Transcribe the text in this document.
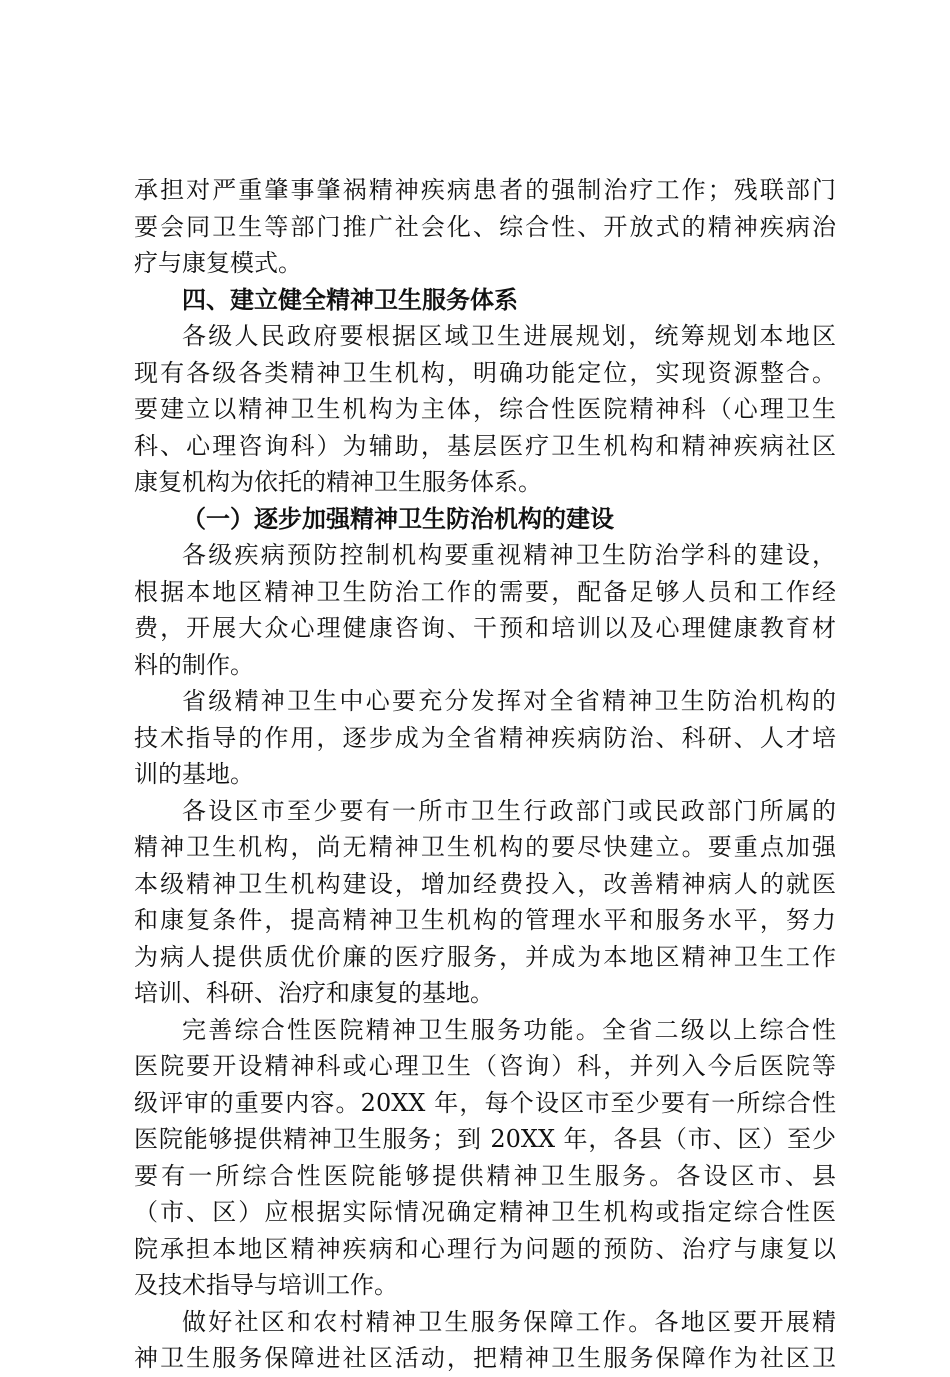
承担对严重肇事肇祸精神疾病患者的强制治疗工作；残联部门
要会同卫生等部门推广社会化、综合性、开放式的精神疾病治
疗与康复模式。
四、建立健全精神卫生服务体系
各级人民政府要根据区域卫生进展规划，统筹规划本地区
现有各级各类精神卫生机构，明确功能定位，实现资源整合。
要建立以精神卫生机构为主体，综合性医院精神科（心理卫生
科、心理咨询科）为辅助，基层医疗卫生机构和精神疾病社区
康复机构为依托的精神卫生服务体系。
（一）逐步加强精神卫生防治机构的建设
各级疾病预防控制机构要重视精神卫生防治学科的建设，
根据本地区精神卫生防治工作的需要，配备足够人员和工作经
费，开展大众心理健康咨询、干预和培训以及心理健康教育材
料的制作。
省级精神卫生中心要充分发挥对全省精神卫生防治机构的
技术指导的作用，逐步成为全省精神疾病防治、科研、人才培
训的基地。
各设区市至少要有一所市卫生行政部门或民政部门所属的
精神卫生机构，尚无精神卫生机构的要尽快建立。要重点加强
本级精神卫生机构建设，增加经费投入，改善精神病人的就医
和康复条件，提高精神卫生机构的管理水平和服务水平，努力
为病人提供质优价廉的医疗服务，并成为本地区精神卫生工作
培训、科研、治疗和康复的基地。
完善综合性医院精神卫生服务功能。全省二级以上综合性
医院要开设精神科或心理卫生（咨询）科，并列入今后医院等
级评审的重要内容。20XX 年，每个设区市至少要有一所综合性
医院能够提供精神卫生服务；到 20XX 年，各县（市、区）至少
要有一所综合性医院能够提供精神卫生服务。各设区市、县
（市、区）应根据实际情况确定精神卫生机构或指定综合性医
院承担本地区精神疾病和心理行为问题的预防、治疗与康复以
及技术指导与培训工作。
做好社区和农村精神卫生服务保障工作。各地区要开展精
神卫生服务保障进社区活动，把精神卫生服务保障作为社区卫
